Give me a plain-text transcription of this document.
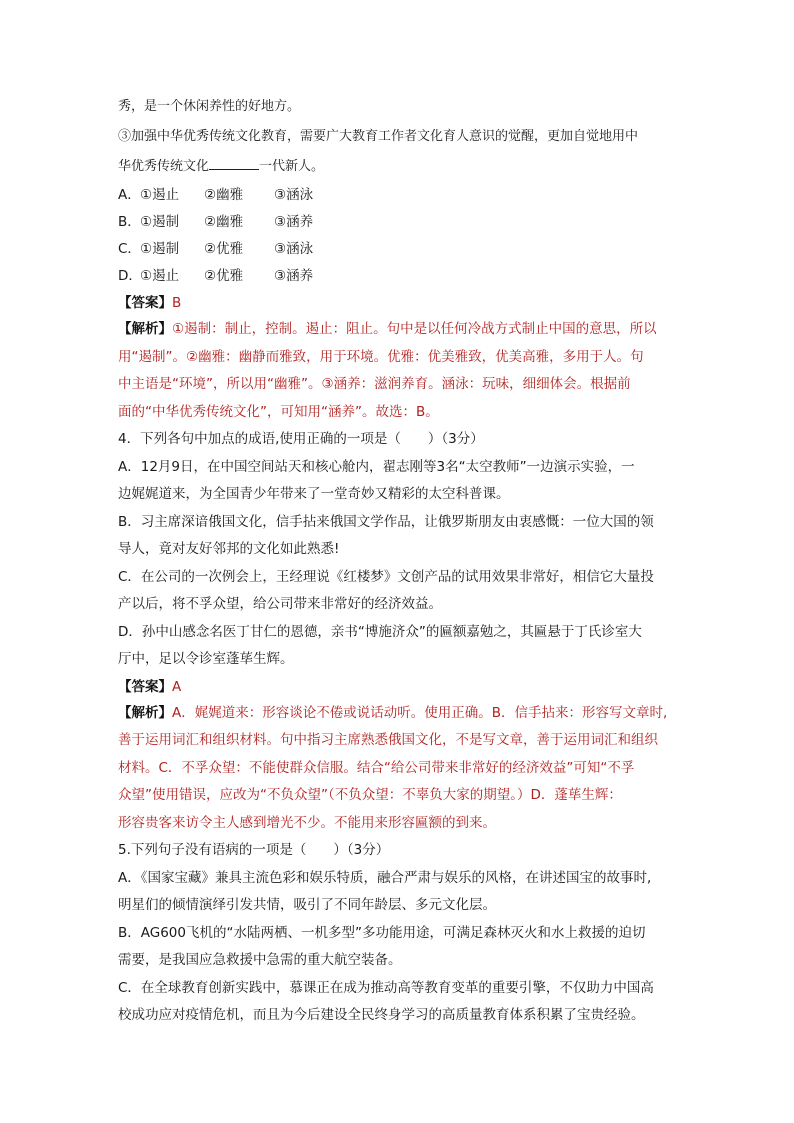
秀，是一个休闲养性的好地方。

③加强中华优秀传统文化教育，需要广大教育工作者文化育人意识的觉醒，更加自觉地用中

华优秀传统文化	一代新人。

A．①遏止 ②幽雅 ③涵泳

B．①遏制 ②幽雅 ③涵养

C．①遏制 ②优雅 ③涵泳

D．①遏止 ②优雅 ③涵养

【答案】B

【解析】①遏制：制止，控制。遏止：阻止。句中是以任何冷战方式制止中国的意思，所以

用“遏制”。②幽雅：幽静而雅致，用于环境。优雅：优美雅致，优美高雅，多用于人。句

中主语是“环境”，所以用“幽雅”。③涵养：滋润养育。涵泳：玩味，细细体会。根据前

面的“中华优秀传统文化”，可知用“涵养”。故选：B。

4．下列各句中加点的成语,使用正确的一项是（　　）（3分）

A．12月9日，在中国空间站天和核心舱内，翟志刚等3名“太空教师”一边演示实验，一

边娓娓道来，为全国青少年带来了一堂奇妙又精彩的太空科普课。

B．习主席深谙俄国文化，信手拈来俄国文学作品，让俄罗斯朋友由衷感慨：一位大国的领

导人，竟对友好邻邦的文化如此熟悉!

C．在公司的一次例会上，王经理说《红楼梦》文创产品的试用效果非常好，相信它大量投

产以后，将不孚众望，给公司带来非常好的经济效益。

D．孙中山感念名医丁甘仁的恩德，亲书“博施济众”的匾额嘉勉之，其匾悬于丁氏诊室大

厅中，足以令诊室蓬荜生辉。

【答案】A

【解析】A．娓娓道来：形容谈论不倦或说话动听。使用正确。B．信手拈来：形容写文章时,

善于运用词汇和组织材料。句中指习主席熟悉俄国文化，不是写文章，善于运用词汇和组织

材料。C．不孚众望：不能使群众信服。结合“给公司带来非常好的经济效益”可知“不孚

众望”使用错误，应改为“不负众望”（不负众望：不辜负大家的期望。）D．蓬荜生辉：

形容贵客来访令主人感到增光不少。不能用来形容匾额的到来。

5.下列句子没有语病的一项是（　　）（3分）

A．《国家宝藏》兼具主流色彩和娱乐特质，融合严肃与娱乐的风格，在讲述国宝的故事时,

明星们的倾情演绎引发共情，吸引了不同年龄层、多元文化层。

B．AG600飞机的“水陆两栖、一机多型”多功能用途，可满足森林灭火和水上救援的迫切

需要，是我国应急救援中急需的重大航空装备。

C．在全球教育创新实践中，慕课正在成为推动高等教育变革的重要引擎，不仅助力中国高

校成功应对疫情危机，而且为今后建设全民终身学习的高质量教育体系积累了宝贵经验。
